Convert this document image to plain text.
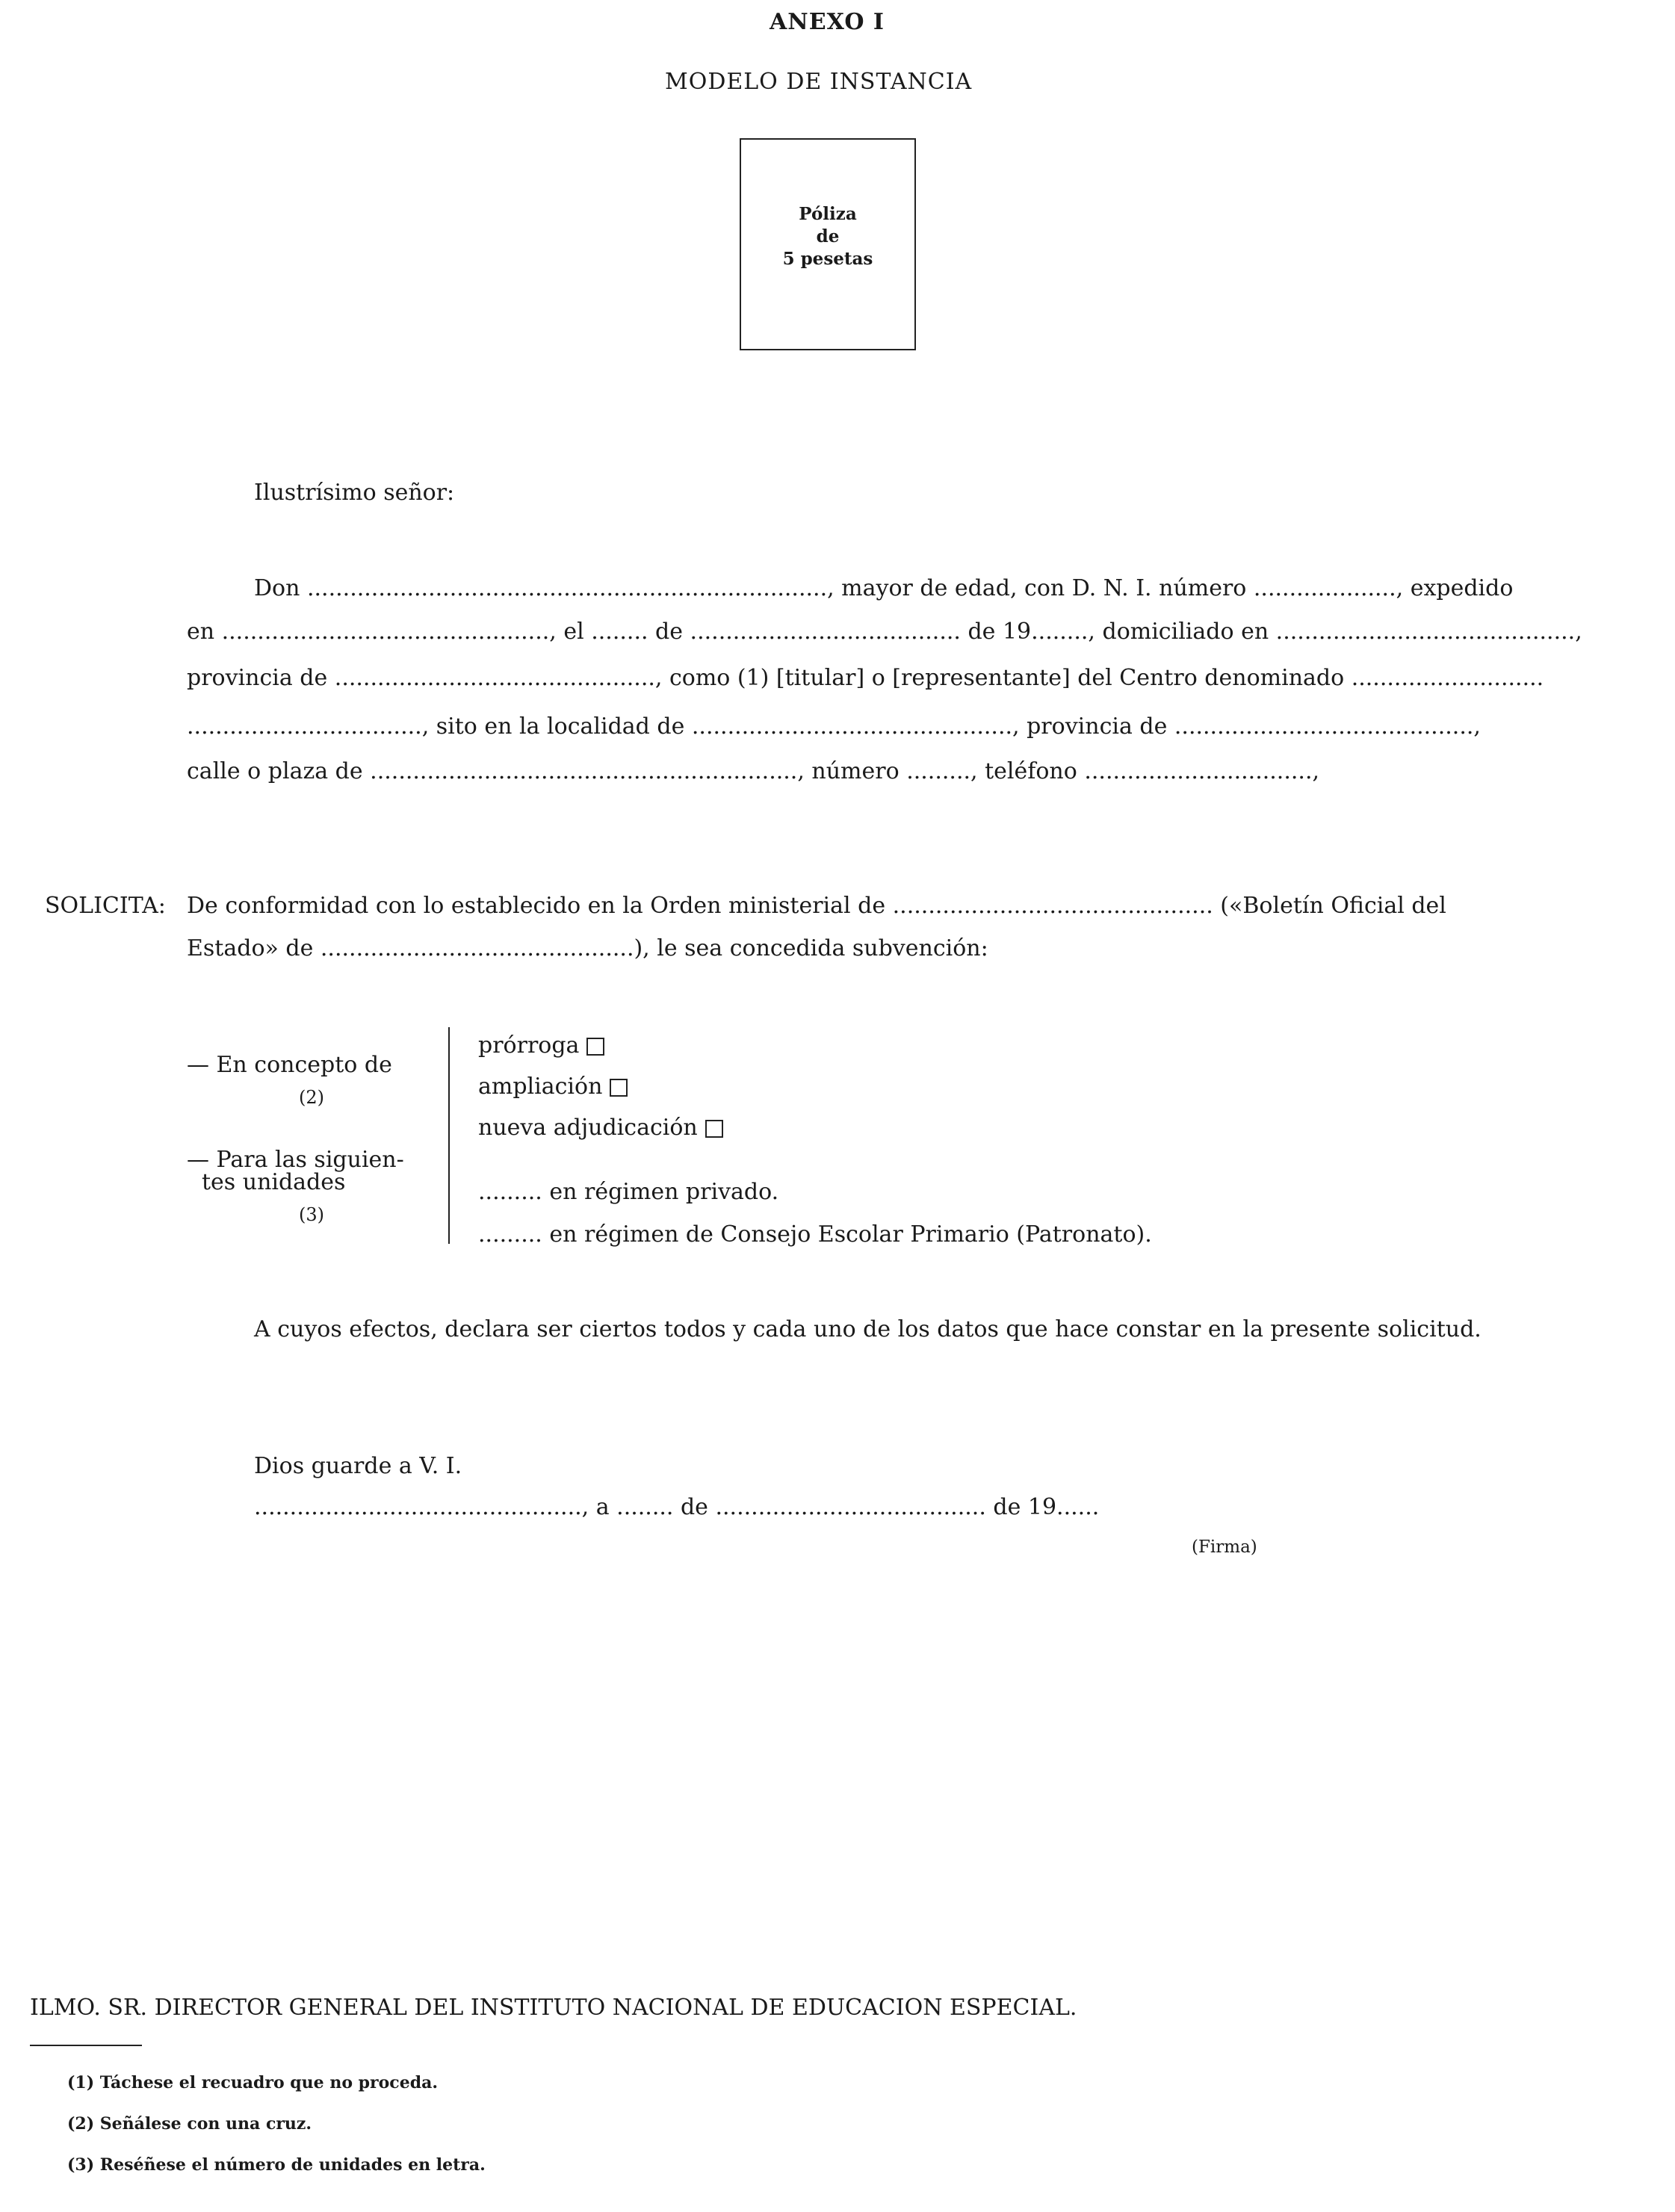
ANEXO I
MODELO DE INSTANCIA
Póliza
de
5 pesetas
Ilustrísimo señor:
Don ........................................................................., mayor de edad, con D. N. I. número ...................., expedido
en .............................................., el ........ de ...................................... de 19........, domiciliado en ..........................................,
provincia de ............................................., como (1) [titular] o [representante] del Centro denominado ...........................
................................., sito en la localidad de ............................................., provincia de ..........................................,
calle o plaza de ............................................................, número ........., teléfono ................................,
SOLICITA: De conformidad con lo establecido en la Orden ministerial de ............................................. («Boletín Oficial del
Estado» de ............................................), le sea concedida subvención:
— En concepto de
(2)
— Para las siguien-
tes unidades
(3)
prórroga
ampliación
nueva adjudicación
......... en régimen privado.
......... en régimen de Consejo Escolar Primario (Patronato).
A cuyos efectos, declara ser ciertos todos y cada uno de los datos que hace constar en la presente solicitud.
Dios guarde a V. I.
.............................................., a ........ de ...................................... de 19......
(Firma)
ILMO. SR. DIRECTOR GENERAL DEL INSTITUTO NACIONAL DE EDUCACION ESPECIAL.
(1) Táchese el recuadro que no proceda.
(2) Señálese con una cruz.
(3) Reséñese el número de unidades en letra.
